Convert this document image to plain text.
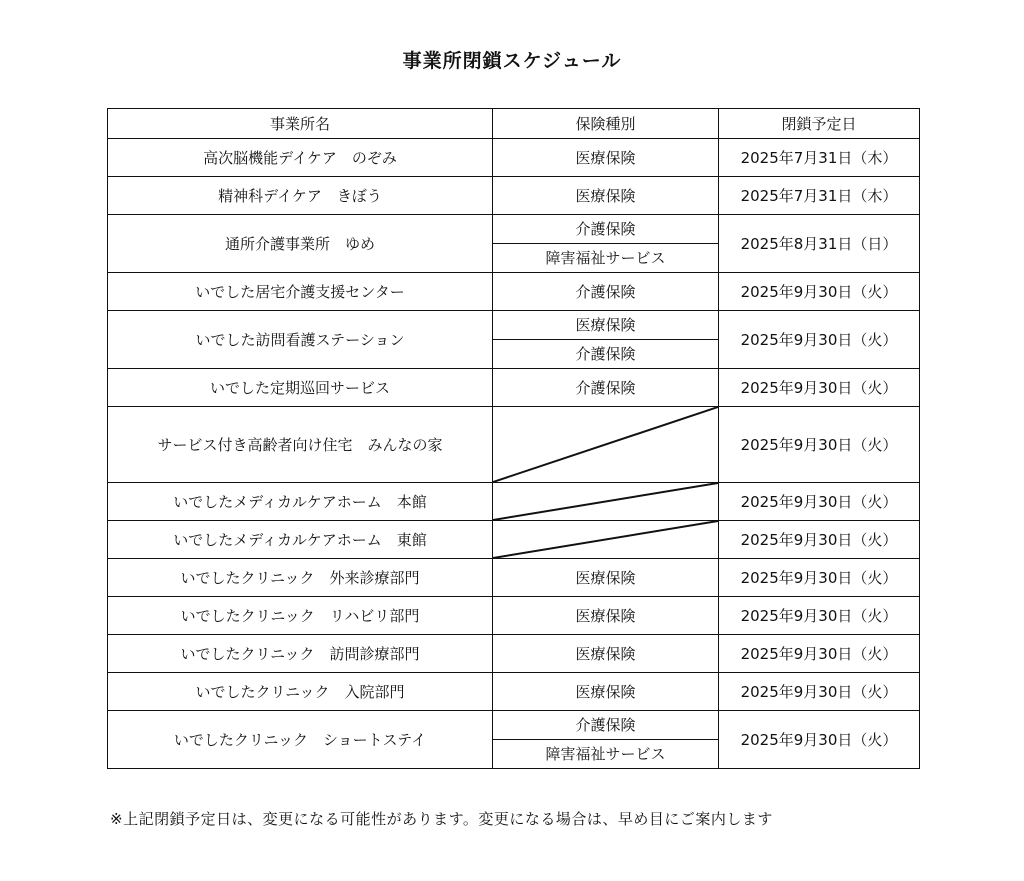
事業所閉鎖スケジュール
事業所名	保険種別	閉鎖予定日
高次脳機能デイケア　のぞみ	医療保険	2025年7月31日（木）
精神科デイケア　きぼう	医療保険	2025年7月31日（木）
通所介護事業所　ゆめ	介護保険	2025年8月31日（日）
	障害福祉サービス	
いでした居宅介護支援センター	介護保険	2025年9月30日（火）
いでした訪問看護ステーション	医療保険	2025年9月30日（火）
	介護保険	
いでした定期巡回サービス	介護保険	2025年9月30日（火）
サービス付き高齢者向け住宅　みんなの家		2025年9月30日（火）
いでしたメディカルケアホーム　本館		2025年9月30日（火）
いでしたメディカルケアホーム　東館		2025年9月30日（火）
いでしたクリニック　外来診療部門	医療保険	2025年9月30日（火）
いでしたクリニック　リハビリ部門	医療保険	2025年9月30日（火）
いでしたクリニック　訪問診療部門	医療保険	2025年9月30日（火）
いでしたクリニック　入院部門	医療保険	2025年9月30日（火）
いでしたクリニック　ショートステイ	介護保険	2025年9月30日（火）
	障害福祉サービス	
※上記閉鎖予定日は、変更になる可能性があります。変更になる場合は、早め目にご案内します
